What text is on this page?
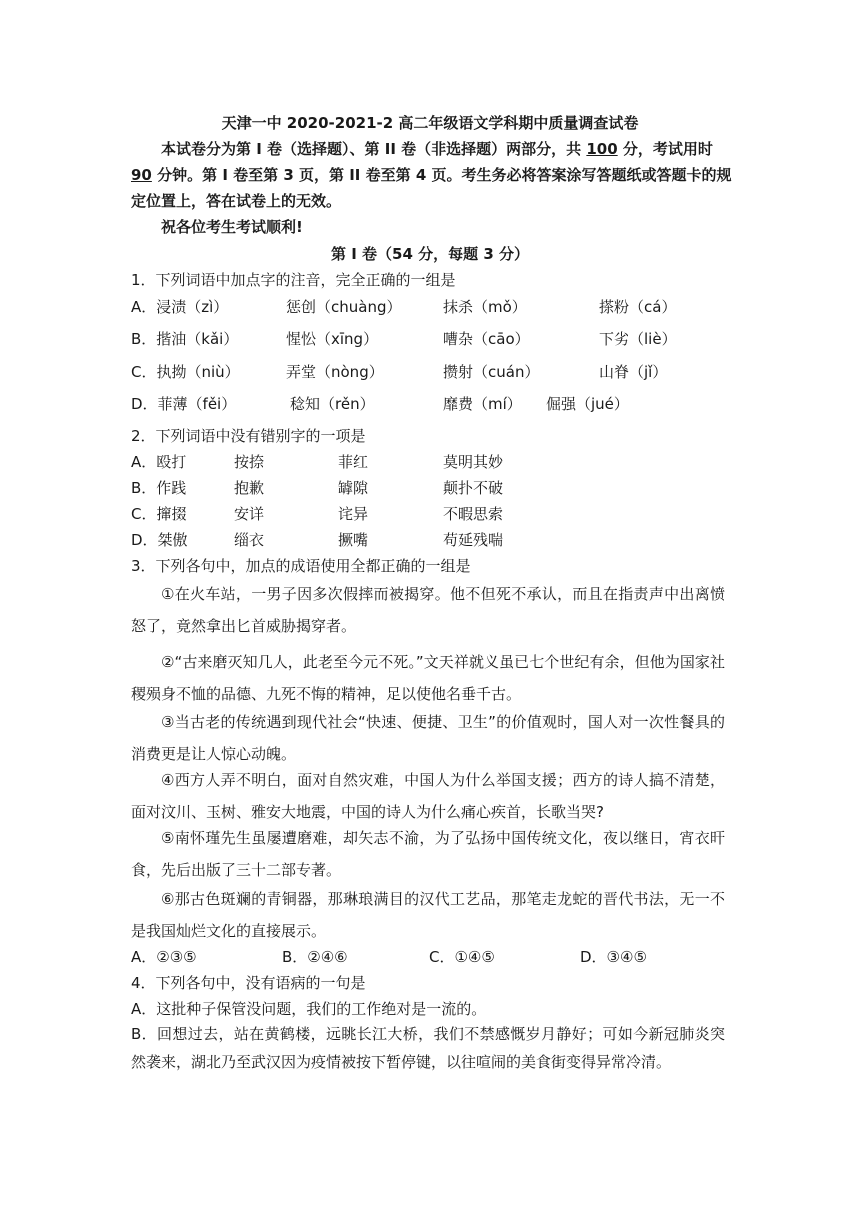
天津一中 2020-2021-2 高二年级语文学科期中质量调查试卷
本试卷分为第 I 卷（选择题）、第 II 卷（非选择题）两部分，共 100 分，考试用时
90 分钟。第 I 卷至第 3 页，第 II 卷至第 4 页。考生务必将答案涂写答题纸或答题卡的规
定位置上，答在试卷上的无效。
祝各位考生考试顺利!
第 I 卷（54 分，每题 3 分）
1．下列词语中加点字的注音，完全正确的一组是
A．浸渍（zì）	惩创（chuàng）	抹杀（mǒ）	搽粉（cá）
B．揩油（kǎi）	惺忪（xīng）	嘈杂（cāo）	下劣（liè）
C．执拗（niù）	弄堂（nòng）	攒射（cuán）	山脊（jǐ）
D．菲薄（fěi）	稔知（rěn）	靡费（mí） 倔强（jué）
2．下列词语中没有错别字的一项是
A．殴打	按捺	菲红	莫明其妙
B．作践	抱歉	罅隙	颠扑不破
C．撺掇	安详	诧异	不暇思索
D．桀傲	缁衣	撅嘴	苟延残喘
3．下列各句中，加点的成语使用全都正确的一组是
①在火车站，一男子因多次假摔而被揭穿。他不但死不承认，而且在指责声中出离愤怒了，竟然拿出匕首威胁揭穿者。
②“古来磨灭知几人，此老至今元不死。”文天祥就义虽已七个世纪有余，但他为国家社稷殒身不恤的品德、九死不悔的精神，足以使他名垂千古。
③当古老的传统遇到现代社会“快速、便捷、卫生”的价值观时，国人对一次性餐具的消费更是让人惊心动魄。
④西方人弄不明白，面对自然灾难，中国人为什么举国支援；西方的诗人搞不清楚，面对汶川、玉树、雅安大地震，中国的诗人为什么痛心疾首，长歌当哭?
⑤南怀瑾先生虽屡遭磨难，却矢志不渝，为了弘扬中国传统文化，夜以继日，宵衣旰食，先后出版了三十二部专著。
⑥那古色斑斓的青铜器，那琳琅满目的汉代工艺品，那笔走龙蛇的晋代书法，无一不是我国灿烂文化的直接展示。
A．②③⑤	B．②④⑥	C．①④⑤	D．③④⑤
4．下列各句中，没有语病的一句是
A．这批种子保管没问题，我们的工作绝对是一流的。
B．回想过去，站在黄鹤楼，远眺长江大桥，我们不禁感慨岁月静好；可如今新冠肺炎突然袭来，湖北乃至武汉因为疫情被按下暂停键，以往喧闹的美食街变得异常冷清。
